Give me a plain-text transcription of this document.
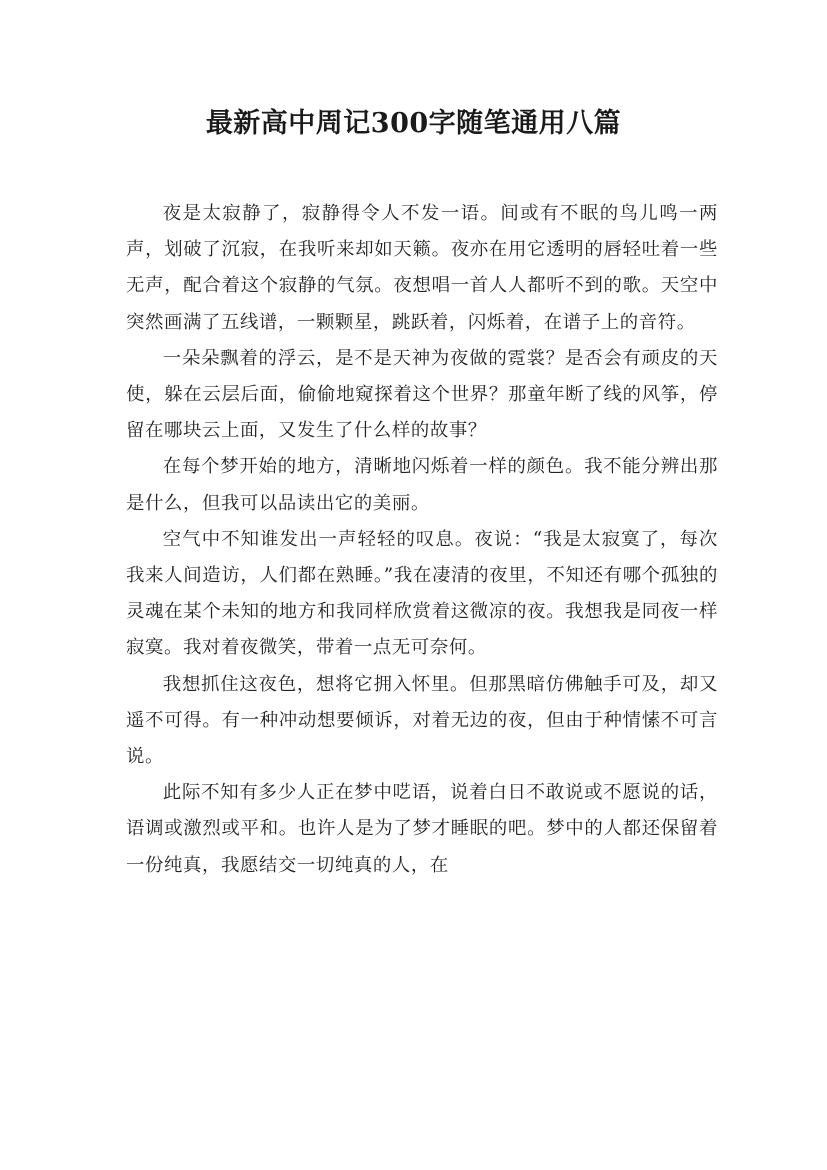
最新高中周记300字随笔通用八篇

夜是太寂静了，寂静得令人不发一语。间或有不眠的鸟儿鸣一两声，划破了沉寂，在我听来却如天籁。夜亦在用它透明的唇轻吐着一些无声，配合着这个寂静的气氛。夜想唱一首人人都听不到的歌。天空中突然画满了五线谱，一颗颗星，跳跃着，闪烁着，在谱子上的音符。

一朵朵飘着的浮云，是不是天神为夜做的霓裳？是否会有顽皮的天使，躲在云层后面，偷偷地窥探着这个世界？那童年断了线的风筝，停留在哪块云上面，又发生了什么样的故事？

在每个梦开始的地方，清晰地闪烁着一样的颜色。我不能分辨出那是什么，但我可以品读出它的美丽。

空气中不知谁发出一声轻轻的叹息。夜说：“我是太寂寞了，每次我来人间造访，人们都在熟睡。”我在凄清的夜里，不知还有哪个孤独的灵魂在某个未知的地方和我同样欣赏着这微凉的夜。我想我是同夜一样寂寞。我对着夜微笑，带着一点无可奈何。

我想抓住这夜色，想将它拥入怀里。但那黑暗仿佛触手可及，却又遥不可得。有一种冲动想要倾诉，对着无边的夜，但由于种情愫不可言说。

此际不知有多少人正在梦中呓语，说着白日不敢说或不愿说的话，语调或激烈或平和。也许人是为了梦才睡眠的吧。梦中的人都还保留着一份纯真，我愿结交一切纯真的人，在
